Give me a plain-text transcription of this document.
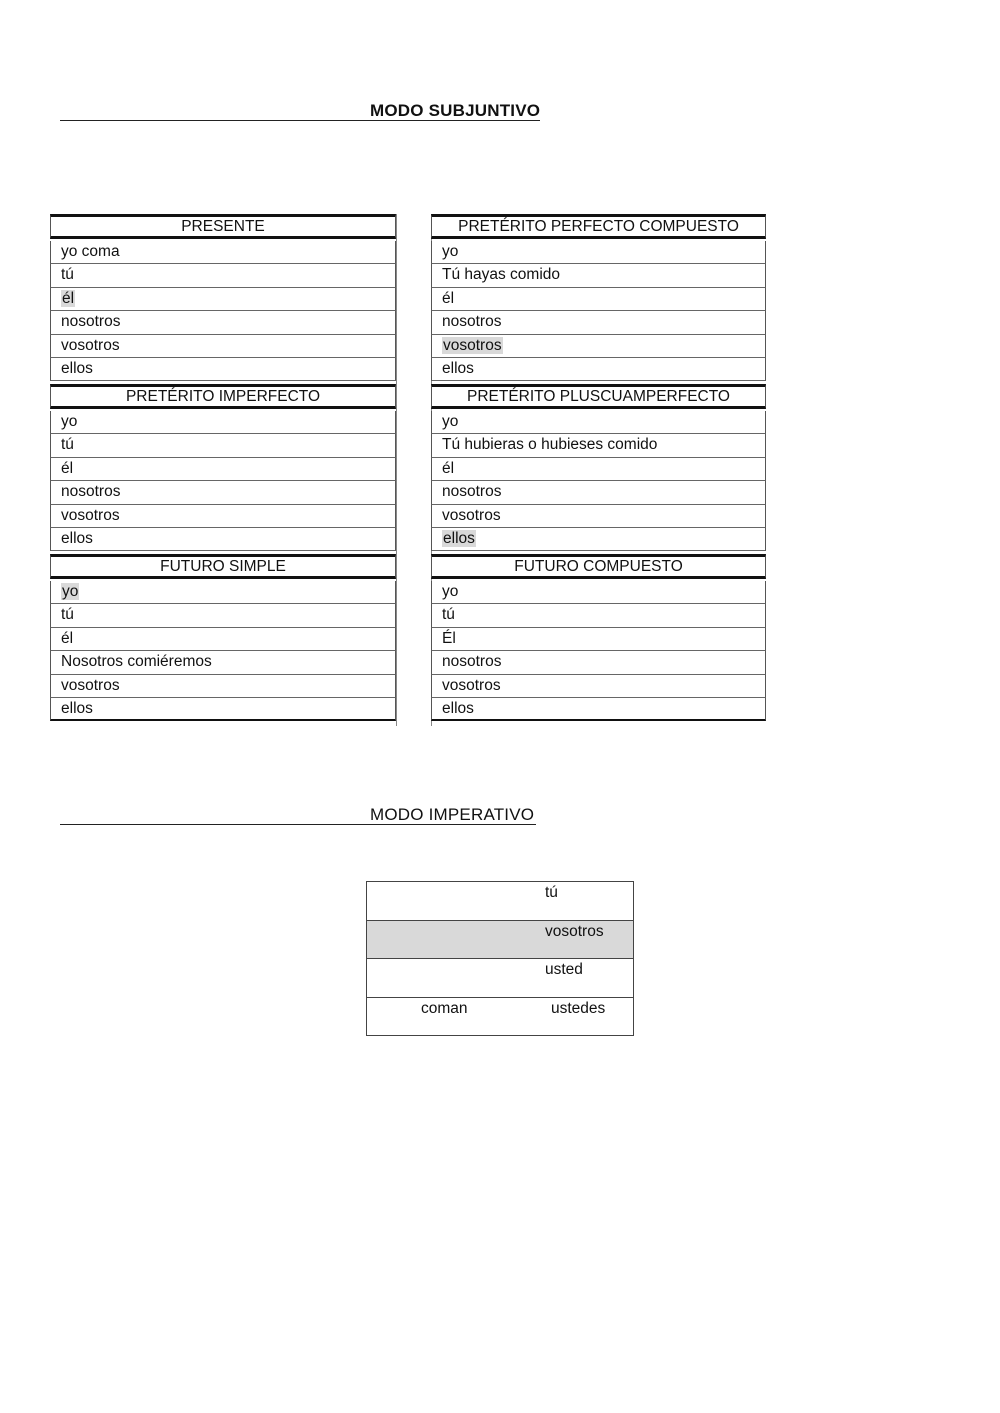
MODO SUBJUNTIVO
PRESENTE
yo coma
tú
él
nosotros
vosotros
ellos
PRETÉRITO PERFECTO COMPUESTO
yo
Tú hayas comido
él
nosotros
vosotros
ellos
PRETÉRITO IMPERFECTO
yo
tú
él
nosotros
vosotros
ellos
PRETÉRITO PLUSCUAMPERFECTO
yo
Tú hubieras o hubieses comido
él
nosotros
vosotros
ellos
FUTURO SIMPLE
yo
tú
él
Nosotros comiéremos
vosotros
ellos
FUTURO COMPUESTO
yo
tú
Él
nosotros
vosotros
ellos
MODO IMPERATIVO
tú
vosotros
usted
coman	ustedes
